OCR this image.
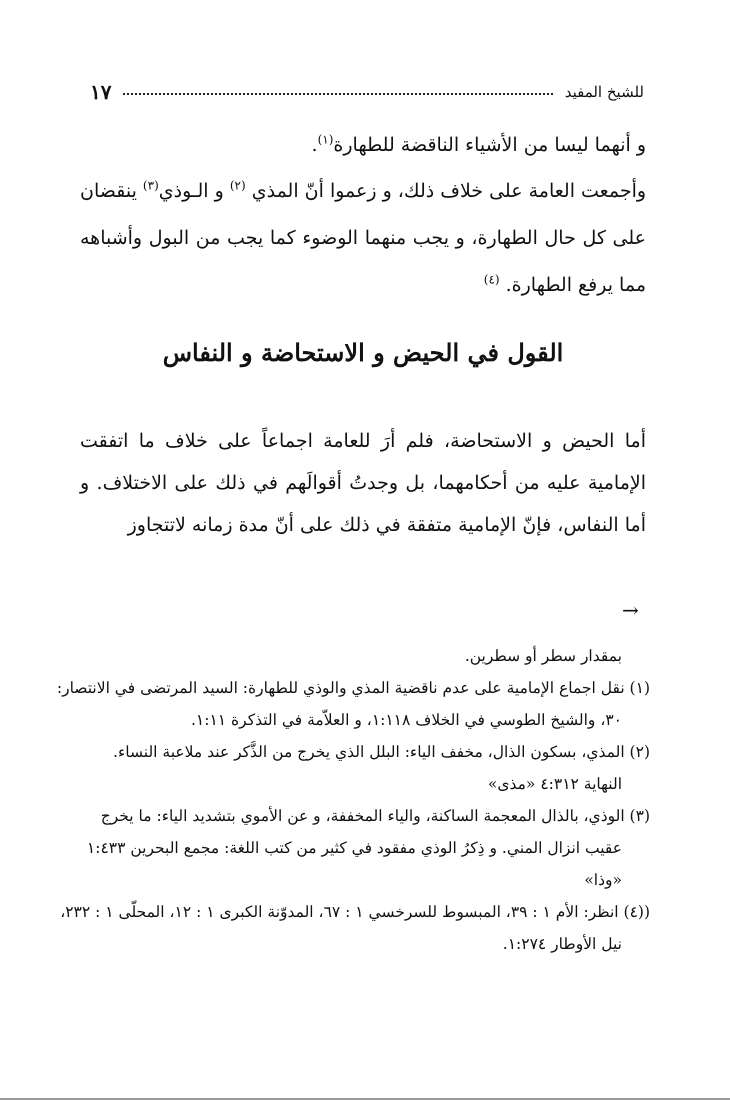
للشيخ المفيد
١٧
و أنهما ليسا من الأشياء الناقضة للطهارة$^{(١)}$.
وأجمعت العامة على خلاف ذلك، و زعموا أنّ المذي $^{(٢)}$ و الـوذي$^{(٣)}$ ينقضان على كل حال الطهارة، و يجب منهما الوضوء كما يجب من البول وأشباهه مما يرفع الطهارة. $^{(٤)}$
القول في الحيض و الاستحاضة و النفاس
أما الحيض و الاستحاضة، فلم أرَ للعامة اجماعاً على خلاف ما اتفقت الإمامية عليه من أحكامهما، بل وجدتُ أقوالَهم في ذلك على الاختلاف. و أما النفاس، فإنّ الإمامية متفقة في ذلك على أنّ مدة زمانه لاتتجاوز
→
بمقدار سطر أو سطرين.
(١) نقل اجماع الإمامية على عدم ناقضية المذي والوذي للطهارة: السيد المرتضى في الانتصار:
٣٠، والشيخ الطوسي في الخلاف ١:١١٨، و العلاّمة في التذكرة ١:١١.
(٢) المذي، بسكون الذال، مخفف الياء: البلل الذي يخرج من الذَّكر عند ملاعبة النساء.
النهاية ٤:٣١٢ «مذى»
(٣) الوذي، بالذال المعجمة الساكنة، والياء المخففة، و عن الأموي بتشديد الياء: ما يخرج
عقيب انزال المني. و ذِكرُ الوذي مفقود في كثير من كتب اللغة: مجمع البحرين ١:٤٣٣
«وذا»
((٤) انظر: الأم ١ : ٣٩، المبسوط للسرخسي ١ : ٦٧، المدوّنة الكبرى ١ : ١٢، المحلّى ١ : ٢٣٢،
نيل الأوطار ١:٢٧٤.
